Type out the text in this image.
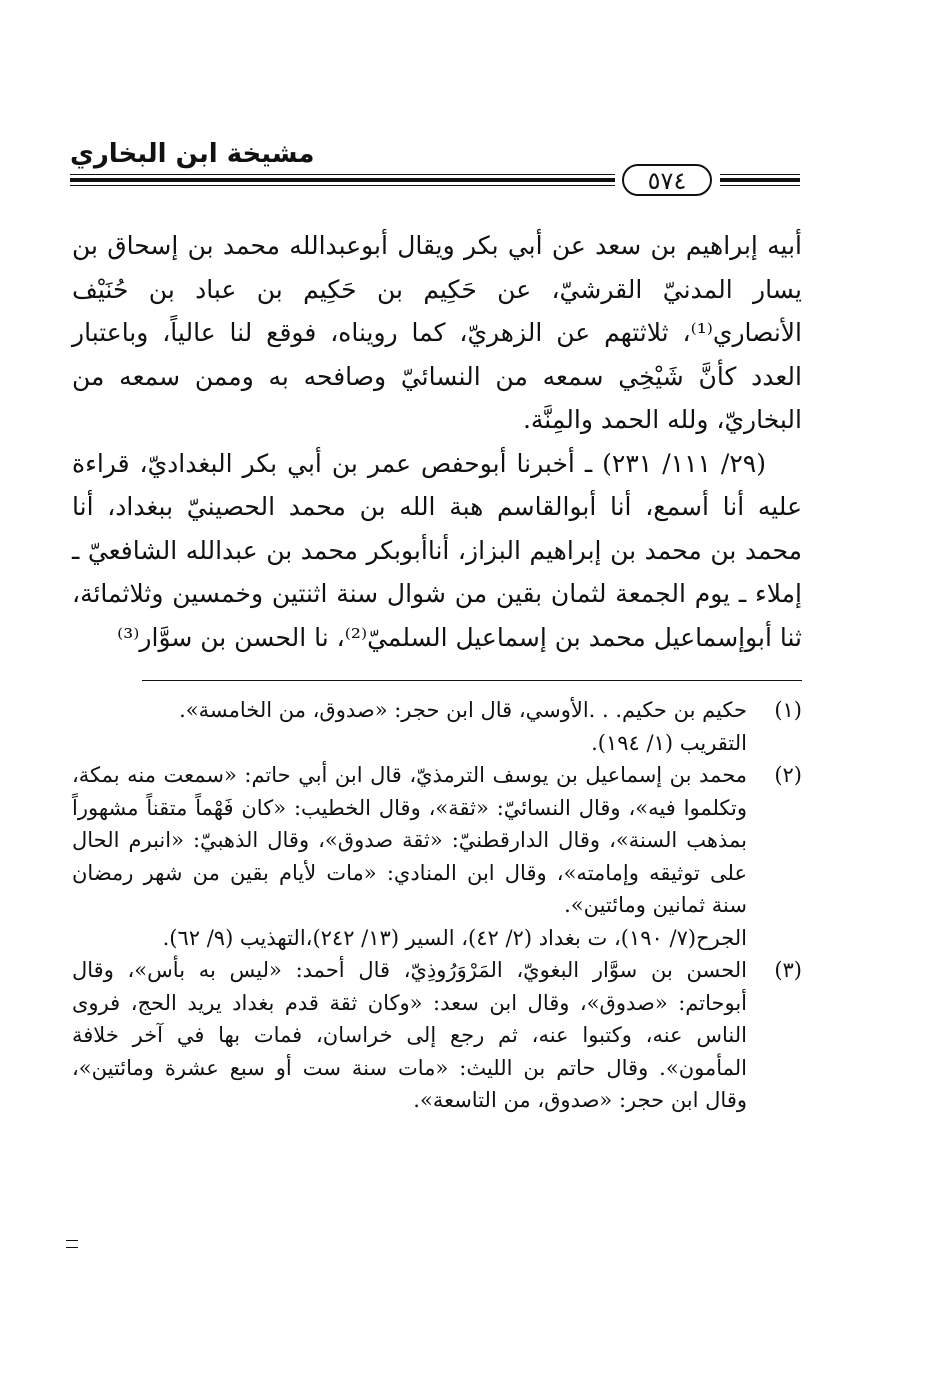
مشيخة ابن البخاري
٥٧٤

أبيه إبراهيم بن سعد عن أبي بكر ويقال أبوعبدالله محمد بن إسحاق بن يسار المدنيّ القرشيّ، عن حَكِيم بن حَكِيم بن عباد بن حُنَيْف الأنصاري⁽¹⁾، ثلاثتهم عن الزهريّ، كما رويناه، فوقع لنا عالياً، وباعتبار العدد كأنَّ شَيْخِي سمعه من النسائيّ وصافحه به وممن سمعه من البخاريّ، ولله الحمد والمِنَّة.

(٢٩/ ١١١/ ٢٣١) ـ أخبرنا أبوحفص عمر بن أبي بكر البغداديّ، قراءة عليه أنا أسمع، أنا أبوالقاسم هبة الله بن محمد الحصينيّ ببغداد، أنا محمد بن محمد بن إبراهيم البزاز، أناأبوبكر محمد بن عبدالله الشافعيّ ـ إملاء ـ يوم الجمعة لثمان بقين من شوال سنة اثنتين وخمسين وثلاثمائة، ثنا أبوإسماعيل محمد بن إسماعيل السلميّ⁽²⁾، نا الحسن بن سوَّار⁽³⁾

(١)
حكيم بن حكيم. . .الأوسي، قال ابن حجر: «صدوق، من الخامسة».
التقريب (١/ ١٩٤).
(٢)
محمد بن إسماعيل بن يوسف الترمذيّ، قال ابن أبي حاتم: «سمعت منه بمكة، وتكلموا فيه»، وقال النسائيّ: «ثقة»، وقال الخطيب: «كان فَهْماً متقناً مشهوراً بمذهب السنة»، وقال الدارقطنيّ: «ثقة صدوق»، وقال الذهبيّ: «انبرم الحال على توثيقه وإمامته»، وقال ابن المنادي: «مات لأيام بقين من شهر رمضان سنة ثمانين ومائتين».
الجرح(٧/ ١٩٠)، ت بغداد (٢/ ٤٢)، السير (١٣/ ٢٤٢)،التهذيب (٩/ ٦٢).
(٣)
الحسن بن سوَّار البغويّ، المَرْوَرُوذِيّ، قال أحمد: «ليس به بأس»، وقال أبوحاتم: «صدوق»، وقال ابن سعد: «وكان ثقة قدم بغداد يريد الحج، فروى الناس عنه، وكتبوا عنه، ثم رجع إلى خراسان، فمات بها في آخر خلافة المأمون». وقال حاتم بن الليث: «مات سنة ست أو سبع عشرة ومائتين»، وقال ابن حجر: «صدوق، من التاسعة».
